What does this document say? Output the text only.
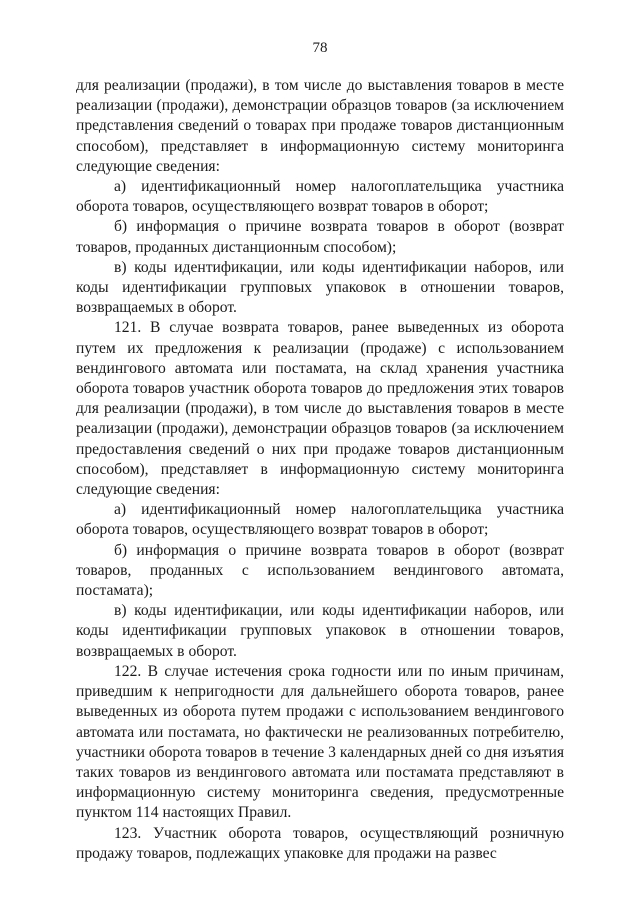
78

для реализации (продажи), в том числе до выставления товаров в месте реализации (продажи), демонстрации образцов товаров (за исключением представления сведений о товарах при продаже товаров дистанционным способом), представляет в информационную систему мониторинга следующие сведения:

а) идентификационный номер налогоплательщика участника оборота товаров, осуществляющего возврат товаров в оборот;

б) информация о причине возврата товаров в оборот (возврат товаров, проданных дистанционным способом);

в) коды идентификации, или коды идентификации наборов, или коды идентификации групповых упаковок в отношении товаров, возвращаемых в оборот.

121. В случае возврата товаров, ранее выведенных из оборота путем их предложения к реализации (продаже) с использованием вендингового автомата или постамата, на склад хранения участника оборота товаров участник оборота товаров до предложения этих товаров для реализации (продажи), в том числе до выставления товаров в месте реализации (продажи), демонстрации образцов товаров (за исключением предоставления сведений о них при продаже товаров дистанционным способом), представляет в информационную систему мониторинга следующие сведения:

а) идентификационный номер налогоплательщика участника оборота товаров, осуществляющего возврат товаров в оборот;

б) информация о причине возврата товаров в оборот (возврат товаров, проданных с использованием вендингового автомата, постамата);

в) коды идентификации, или коды идентификации наборов, или коды идентификации групповых упаковок в отношении товаров, возвращаемых в оборот.

122. В случае истечения срока годности или по иным причинам, приведшим к непригодности для дальнейшего оборота товаров, ранее выведенных из оборота путем продажи с использованием вендингового автомата или постамата, но фактически не реализованных потребителю, участники оборота товаров в течение 3 календарных дней со дня изъятия таких товаров из вендингового автомата или постамата представляют в информационную систему мониторинга сведения, предусмотренные пунктом 114 настоящих Правил.

123. Участник оборота товаров, осуществляющий розничную продажу товаров, подлежащих упаковке для продажи на развес
